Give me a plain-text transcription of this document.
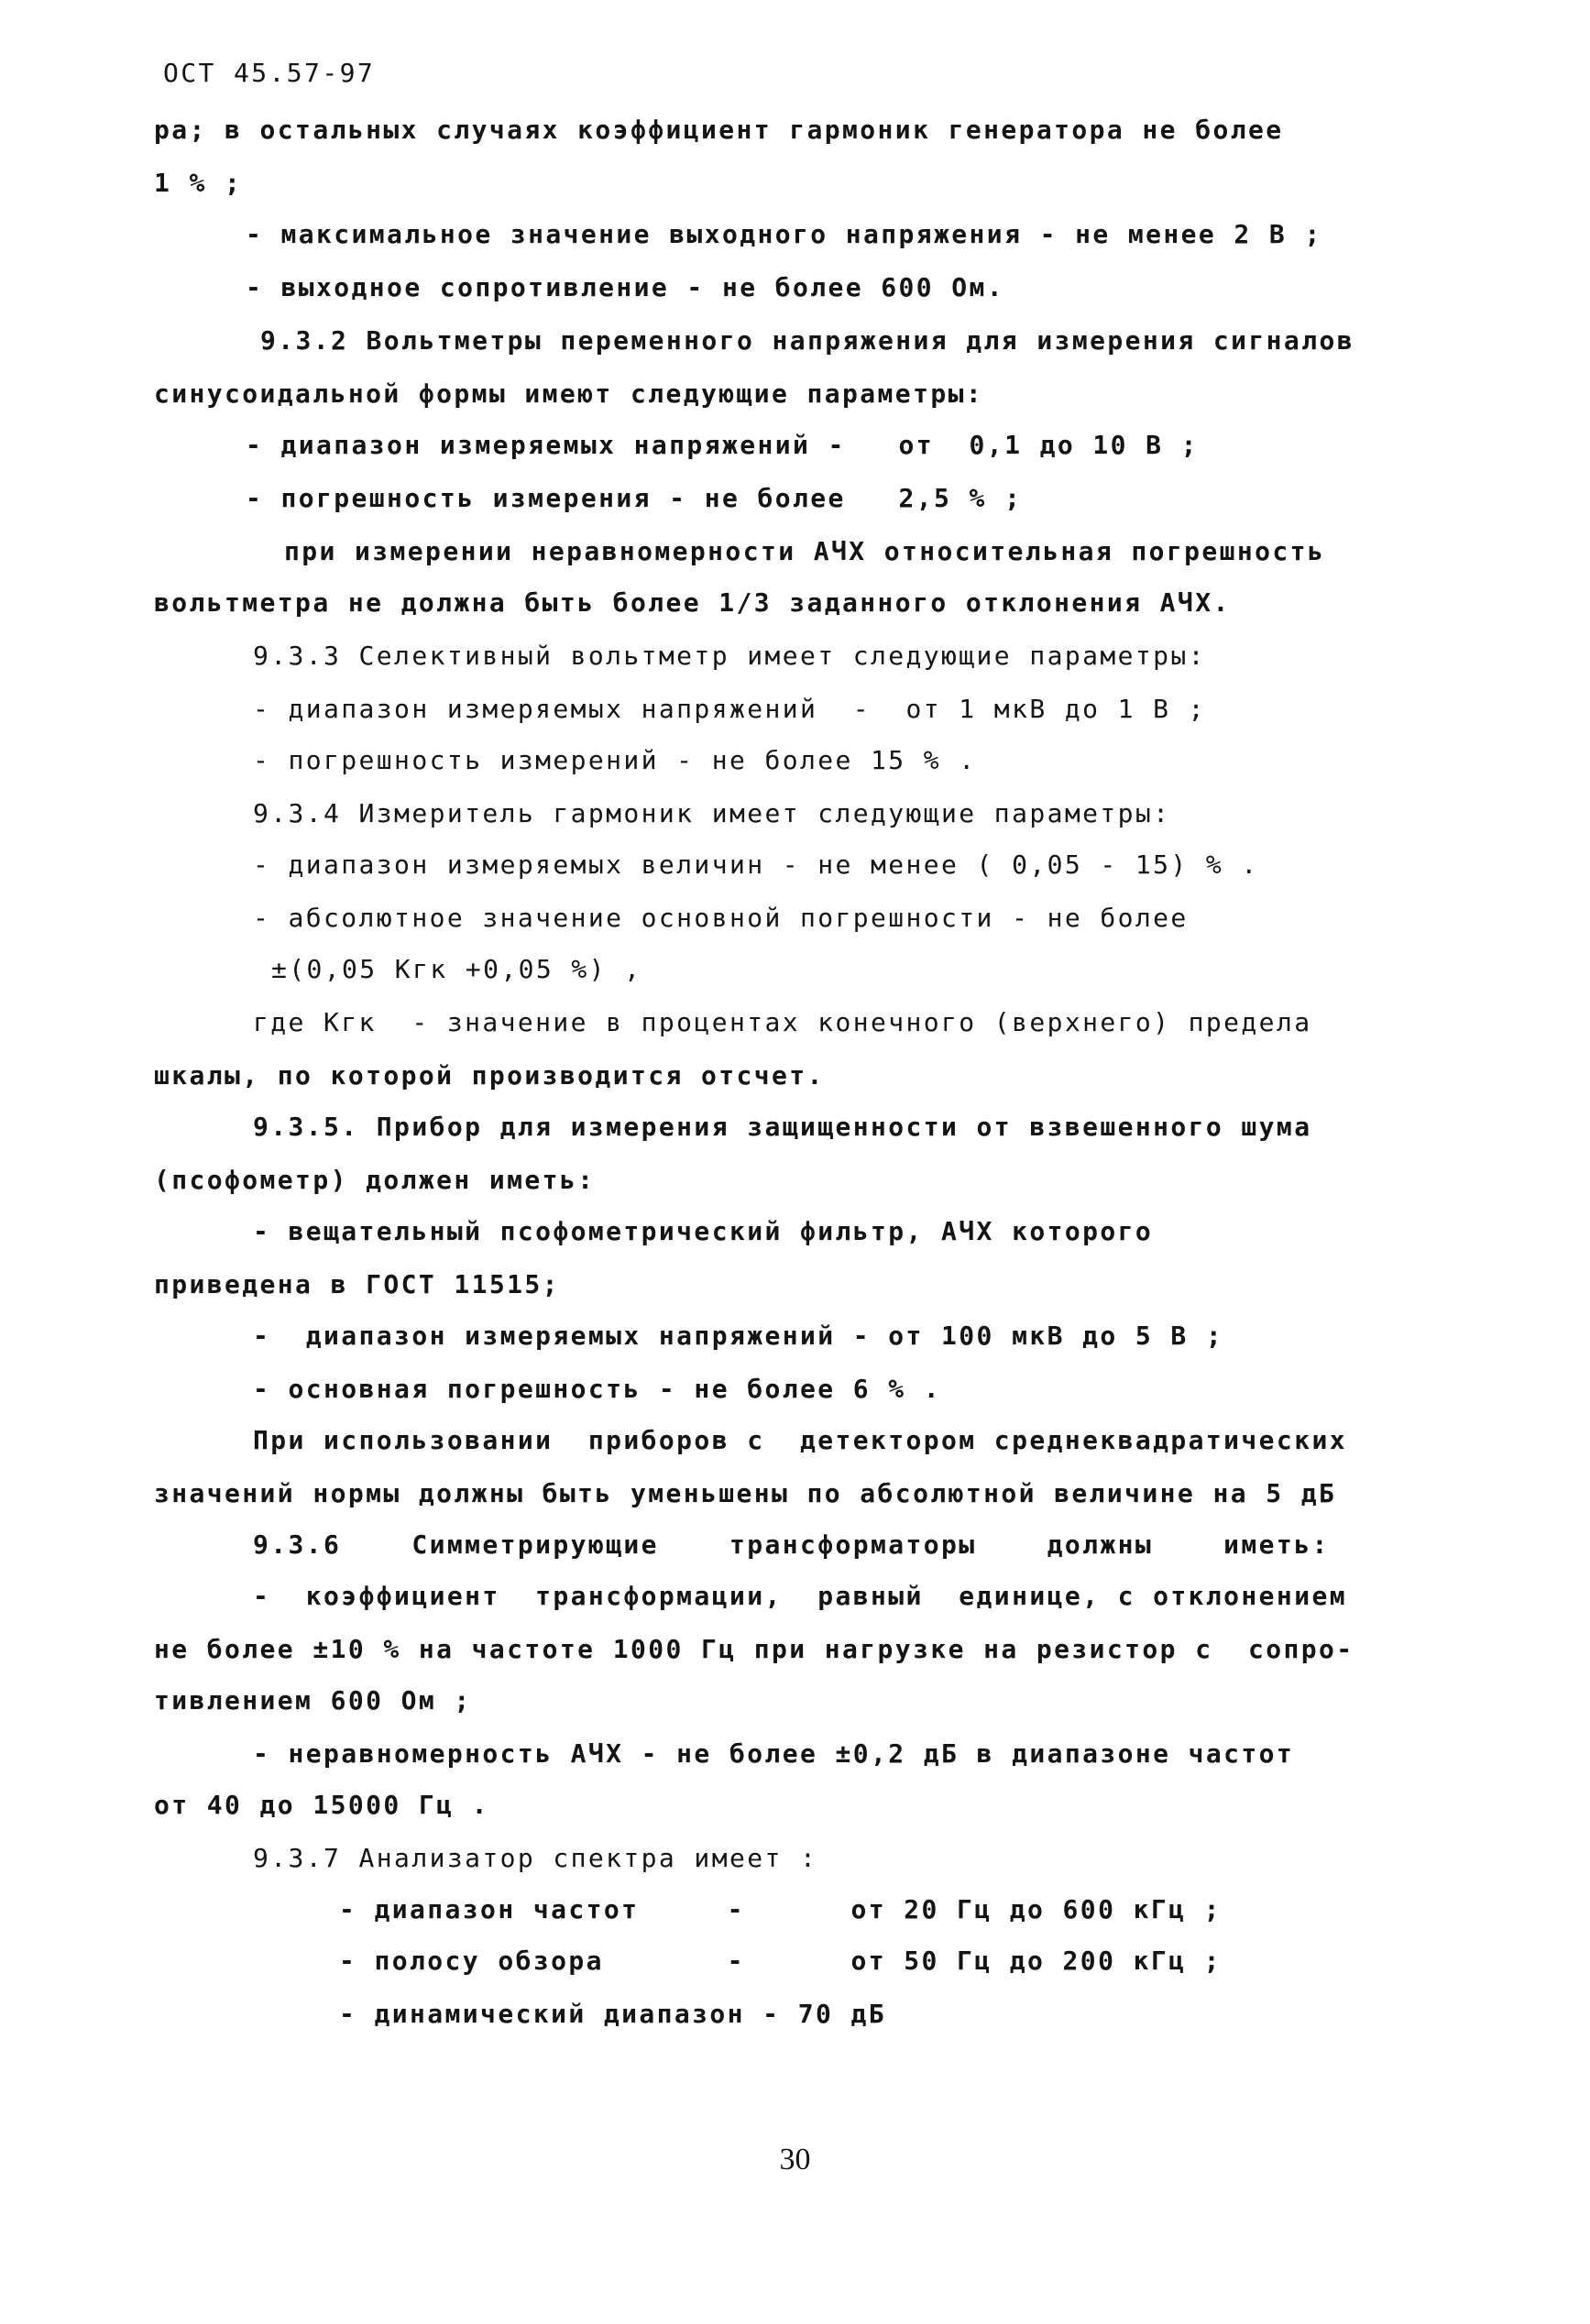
ОСТ 45.57-97
ра; в остальных случаях коэффициент гармоник генератора не более
1 % ;
- максимальное значение выходного напряжения - не менее 2 В ;
- выходное сопротивление - не более 600 Ом.
9.3.2 Вольтметры переменного напряжения для измерения сигналов
синусоидальной формы имеют следующие параметры:
- диапазон измеряемых напряжений -   от  0,1 до 10 В ;
- погрешность измерения - не более   2,5 % ;
при измерении неравномерности АЧХ относительная погрешность
вольтметра не должна быть более 1/3 заданного отклонения АЧХ.
9.3.3 Селективный вольтметр имеет следующие параметры:
- диапазон измеряемых напряжений  -  от 1 мкВ до 1 В ;
- погрешность измерений - не более 15 % .
9.3.4 Измеритель гармоник имеет следующие параметры:
- диапазон измеряемых величин - не менее ( 0,05 - 15) % .
- абсолютное значение основной погрешности - не более
±(0,05 Кгк +0,05 %) ,
где Кгк  - значение в процентах конечного (верхнего) предела
шкалы, по которой производится отсчет.
9.3.5. Прибор для измерения защищенности от взвешенного шума
(псофометр) должен иметь:
- вещательный псофометрический фильтр, АЧХ которого
приведена в ГОСТ 11515;
-  диапазон измеряемых напряжений - от 100 мкВ до 5 В ;
- основная погрешность - не более 6 % .
При использовании  приборов с  детектором среднеквадратических
значений нормы должны быть уменьшены по абсолютной величине на 5 дБ
9.3.6    Симметрирующие    трансформаторы    должны    иметь:
-  коэффициент  трансформации,  равный  единице, с отклонением
не более ±10 % на частоте 1000 Гц при нагрузке на резистор с  сопро-
тивлением 600 Ом ;
- неравномерность АЧХ - не более ±0,2 дБ в диапазоне частот
от 40 до 15000 Гц .
9.3.7 Анализатор спектра имеет :
- диапазон частот     -      от 20 Гц до 600 кГц ;
- полосу обзора       -      от 50 Гц до 200 кГц ;
- динамический диапазон - 70 дБ
30
